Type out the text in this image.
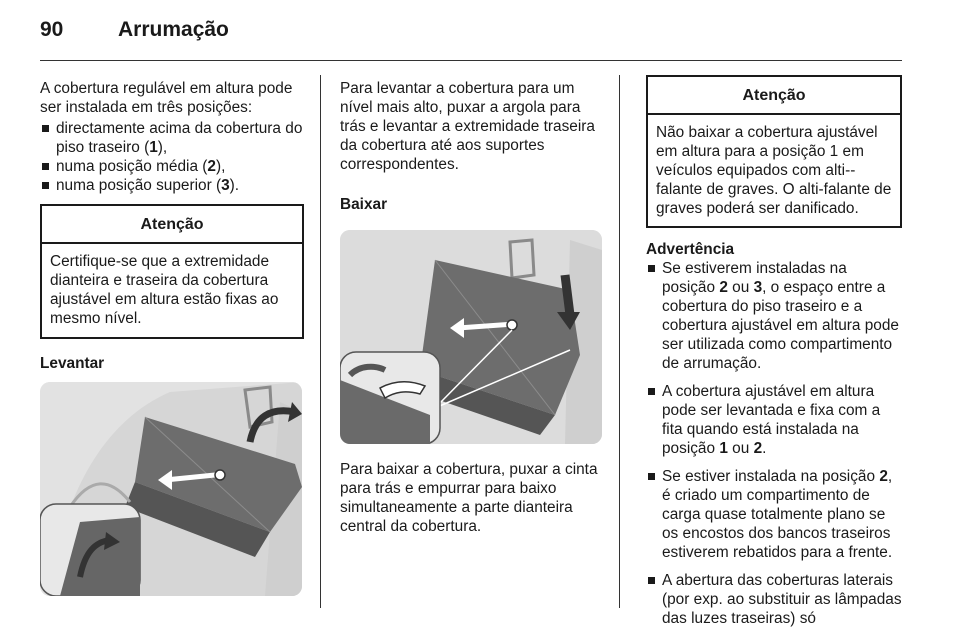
90	Arrumação

A cobertura regulável em altura pode ser instalada em três posições:

directamente acima da cobertura do piso traseiro (1),
numa posição média (2),
numa posição superior (3).
Atenção
Certifique-se que a extremidade dianteira e traseira da cobertura ajustável em altura estão fixas ao mesmo nível.

Levantar

Para levantar a cobertura para um nível mais alto, puxar a argola para trás e levantar a extremidade traseira da cobertura até aos suportes correspondentes.

Baixar

Para baixar a cobertura, puxar a cinta para trás e empurrar para baixo simultaneamente a parte dianteira central da cobertura.

Atenção
Não baixar a cobertura ajustável em altura para a posição 1 em veículos equipados com alti--falante de graves. O alti-falante de graves poderá ser danificado.

Advertência

Se estiverem instaladas na posição 2 ou 3, o espaço entre a cobertura do piso traseiro e a cobertura ajustável em altura pode ser utilizada como compartimento de arrumação.
A cobertura ajustável em altura pode ser levantada e fixa com a fita quando está instalada na posição 1 ou 2.
Se estiver instalada na posição 2, é criado um compartimento de carga quase totalmente plano se os encostos dos bancos traseiros estiverem rebatidos para a frente.
A abertura das coberturas laterais (por exp. ao substituir as lâmpadas das luzes traseiras) só
